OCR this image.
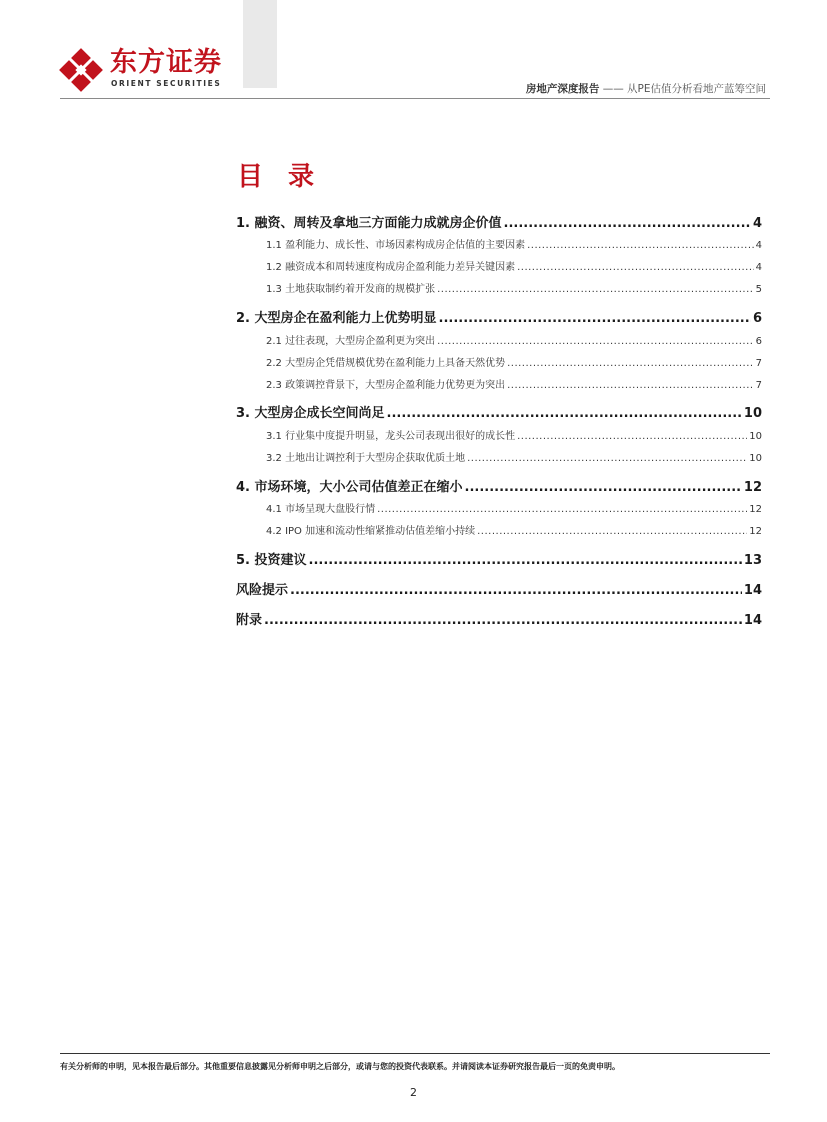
东方证券
ORIENT SECURITIES	房地产深度报告 —— 从PE估值分析看地产蓝筹空间
目 录
1. 融资、周转及拿地三方面能力成就房企价值 .....	4
1.1 盈利能力、成长性、市场因素构成房企估值的主要因素 .....	4
1.2 融资成本和周转速度构成房企盈利能力差异关键因素 .....	4
1.3 土地获取制约着开发商的规模扩张 .....	5
2. 大型房企在盈利能力上优势明显 .....	6
2.1 过往表现，大型房企盈利更为突出 .....	6
2.2 大型房企凭借规模优势在盈利能力上具备天然优势 .....	7
2.3 政策调控背景下，大型房企盈利能力优势更为突出 .....	7
3. 大型房企成长空间尚足 .....	10
3.1 行业集中度提升明显，龙头公司表现出很好的成长性 .....	10
3.2 土地出让调控利于大型房企获取优质土地 .....	10
4. 市场环境，大小公司估值差正在缩小 .....	12
4.1 市场呈现大盘股行情 .....	12
4.2 IPO 加速和流动性缩紧推动估值差缩小持续 .....	12
5. 投资建议 .....	13
风险提示 .....	14
附录 .....	14
有关分析师的申明，见本报告最后部分。其他重要信息披露见分析师申明之后部分，或请与您的投资代表联系。并请阅读本证券研究报告最后一页的免责申明。
2
